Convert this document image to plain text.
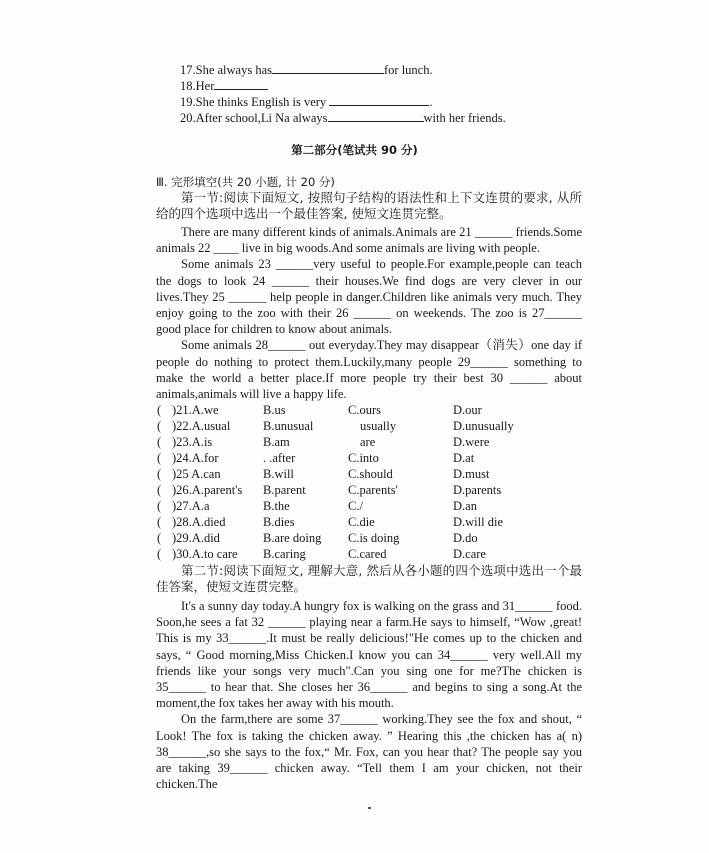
17.She always has	for lunch.
18.Her
19.She thinks English is very	.
20.After school,Li Na always	with her friends.
第二部分(笔试共 90 分)
Ⅲ. 完形填空(共 20 小题, 计 20 分)

第一节:阅读下面短文, 按照句子结构的语法性和上下文连贯的要求, 从所给的四个选项中选出一个最佳答案, 使短文连贯完整。

There are many different kinds of animals.Animals are 21 ______ friends.Some animals 22 ____ live in big woods.And some animals are living with people.

Some animals 23 ______very useful to people.For example,people can teach the dogs to look 24 ______ their houses.We find dogs are very clever in our lives.They 25 ______ help people in danger.Children like animals very much. They enjoy going to the zoo with their 26 ______ on weekends. The zoo is 27______ good place for children to know about animals.

Some animals 28______ out everyday.They may disappear（消失）one day if people do nothing to protect them.Luckily,many people 29______ something to make the world a better place.If more people try their best 30 ______ about animals,animals will live a happy life.

( )21.A.we	B.us	C.ours	D.our
( )22.A.usual	B.unusual	usually	D.unusually
( )23.A.is	B.am	are	D.were
( )24.A.for	. .after	C.into	D.at
( )25 A.can	B.will	C.should	D.must
( )26.A.parent's B.parent	C.parents'	D.parents
( )27.A.a	B.the	C./	D.an
( )28.A.died	B.dies	C.die	D.will die
( )29.A.did	B.are doing C.is doing	D.do
( )30.A.to care B.caring	C.cared	D.care

第二节:阅读下面短文, 理解大意, 然后从各小题的四个选项中选出一个最佳答案，使短文连贯完整。

It's a sunny day today.A hungry fox is walking on the grass and 31______ food. Soon,he sees a fat 32 ______ playing near a farm.He says to himself, “Wow ,great! This is my 33______.It must be really delicious!"He comes up to the chicken and says, “ Good morning,Miss Chicken.I know you can 34______ very well.All my friends like your songs very much".Can you sing one for me?The chicken is 35______ to hear that. She closes her 36______ and begins to sing a song.At the moment,the fox takes her away with his mouth.

On the farm,there are some 37______ working.They see the fox and shout, “ Look! The fox is taking the chicken away. ” Hearing this ,the chicken has a( n) 38______,so she says to the fox,“ Mr. Fox, can you hear that? The people say you are taking 39______ chicken away. “Tell them I am your chicken, not their chicken.The
